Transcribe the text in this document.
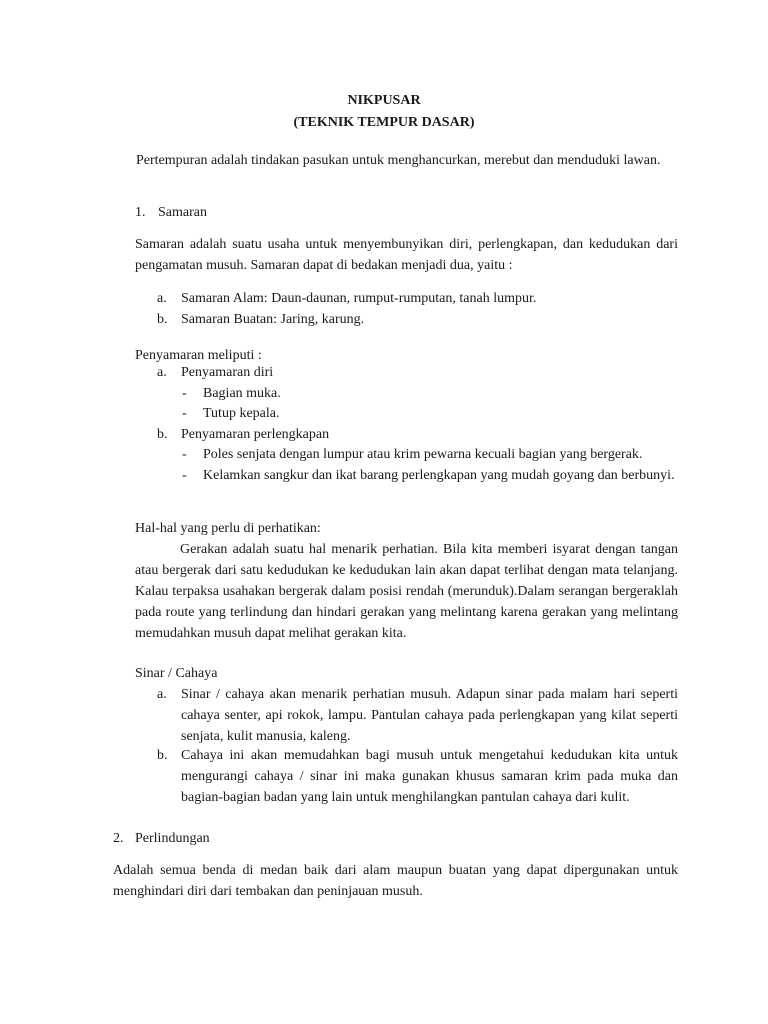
NIKPUSAR
(TEKNIK TEMPUR DASAR)

Pertempuran adalah tindakan pasukan untuk menghancurkan, merebut dan menduduki lawan.

1. Samaran

Samaran adalah suatu usaha untuk menyembunyikan diri, perlengkapan, dan kedudukan dari pengamatan musuh. Samaran dapat di bedakan menjadi dua, yaitu :

a. Samaran Alam: Daun-daunan, rumput-rumputan, tanah lumpur.
b. Samaran Buatan: Jaring, karung.
Penyamaran meliputi :
a. Penyamaran diri
- Bagian muka.
- Tutup kepala.
b. Penyamaran perlengkapan
- Poles senjata dengan lumpur atau krim pewarna kecuali bagian yang bergerak.
- Kelamkan sangkur dan ikat barang perlengkapan yang mudah goyang dan berbunyi.

Hal-hal yang perlu di perhatikan:

Gerakan adalah suatu hal menarik perhatian. Bila kita memberi isyarat dengan tangan atau bergerak dari satu kedudukan ke kedudukan lain akan dapat terlihat dengan mata telanjang. Kalau terpaksa usahakan bergerak dalam posisi rendah (merunduk).Dalam serangan bergeraklah pada route yang terlindung dan hindari gerakan yang melintang karena gerakan yang melintang memudahkan musuh dapat melihat gerakan kita.

Sinar / Cahaya
a. Sinar / cahaya akan menarik perhatian musuh. Adapun sinar pada malam hari seperti cahaya senter, api rokok, lampu. Pantulan cahaya pada perlengkapan yang kilat seperti senjata, kulit manusia, kaleng.

b. Cahaya ini akan memudahkan bagi musuh untuk mengetahui kedudukan kita untuk mengurangi cahaya / sinar ini maka gunakan khusus samaran krim pada muka dan bagian-bagian badan yang lain untuk menghilangkan pantulan cahaya dari kulit.

2. Perlindungan

Adalah semua benda di medan baik dari alam maupun buatan yang dapat dipergunakan untuk menghindari diri dari tembakan dan peninjauan musuh.
